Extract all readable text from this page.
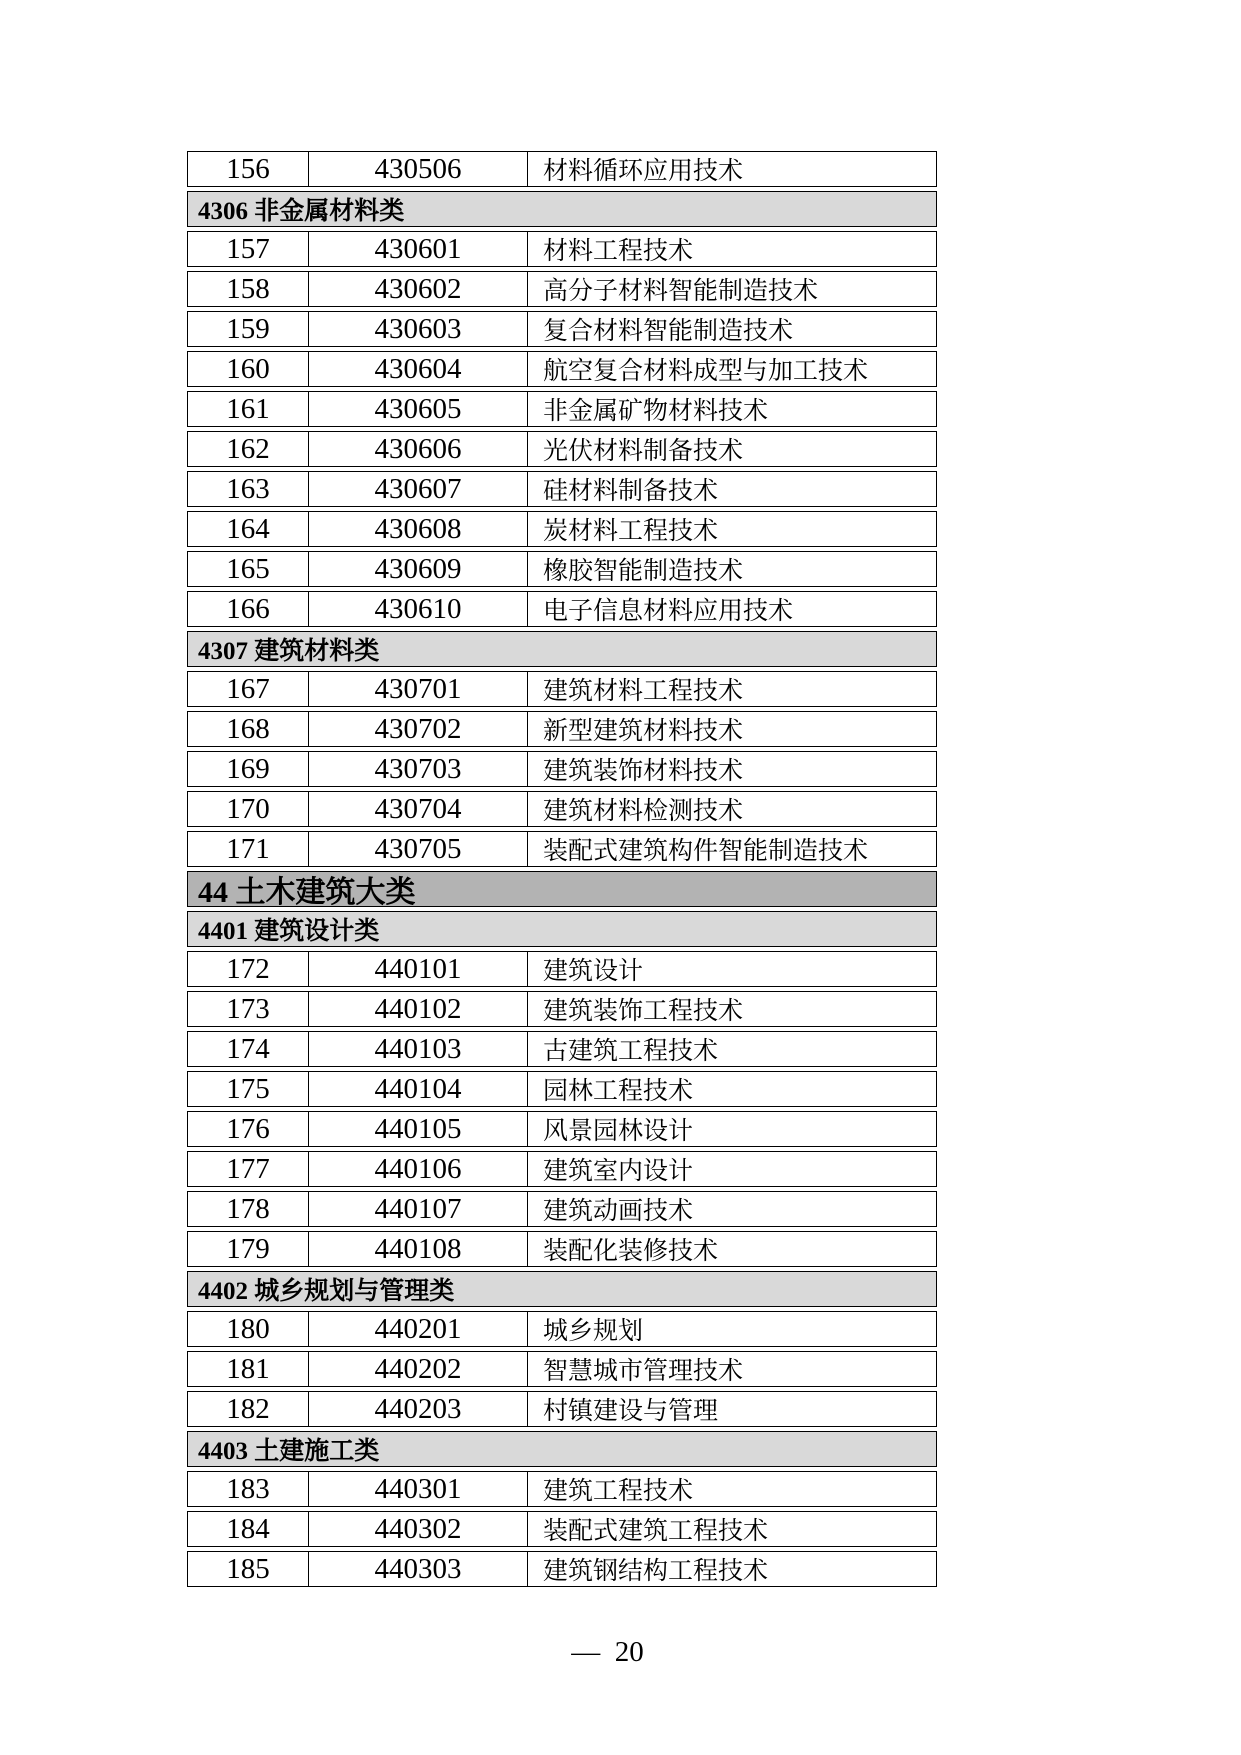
156	430506	材料循环应用技术
4306 非金属材料类
157	430601	材料工程技术
158	430602	高分子材料智能制造技术
159	430603	复合材料智能制造技术
160	430604	航空复合材料成型与加工技术
161	430605	非金属矿物材料技术
162	430606	光伏材料制备技术
163	430607	硅材料制备技术
164	430608	炭材料工程技术
165	430609	橡胶智能制造技术
166	430610	电子信息材料应用技术
4307 建筑材料类
167	430701	建筑材料工程技术
168	430702	新型建筑材料技术
169	430703	建筑装饰材料技术
170	430704	建筑材料检测技术
171	430705	装配式建筑构件智能制造技术
44 土木建筑大类
4401 建筑设计类
172	440101	建筑设计
173	440102	建筑装饰工程技术
174	440103	古建筑工程技术
175	440104	园林工程技术
176	440105	风景园林设计
177	440106	建筑室内设计
178	440107	建筑动画技术
179	440108	装配化装修技术
4402 城乡规划与管理类
180	440201	城乡规划
181	440202	智慧城市管理技术
182	440203	村镇建设与管理
4403 土建施工类
183	440301	建筑工程技术
184	440302	装配式建筑工程技术
185	440303	建筑钢结构工程技术
—  20
